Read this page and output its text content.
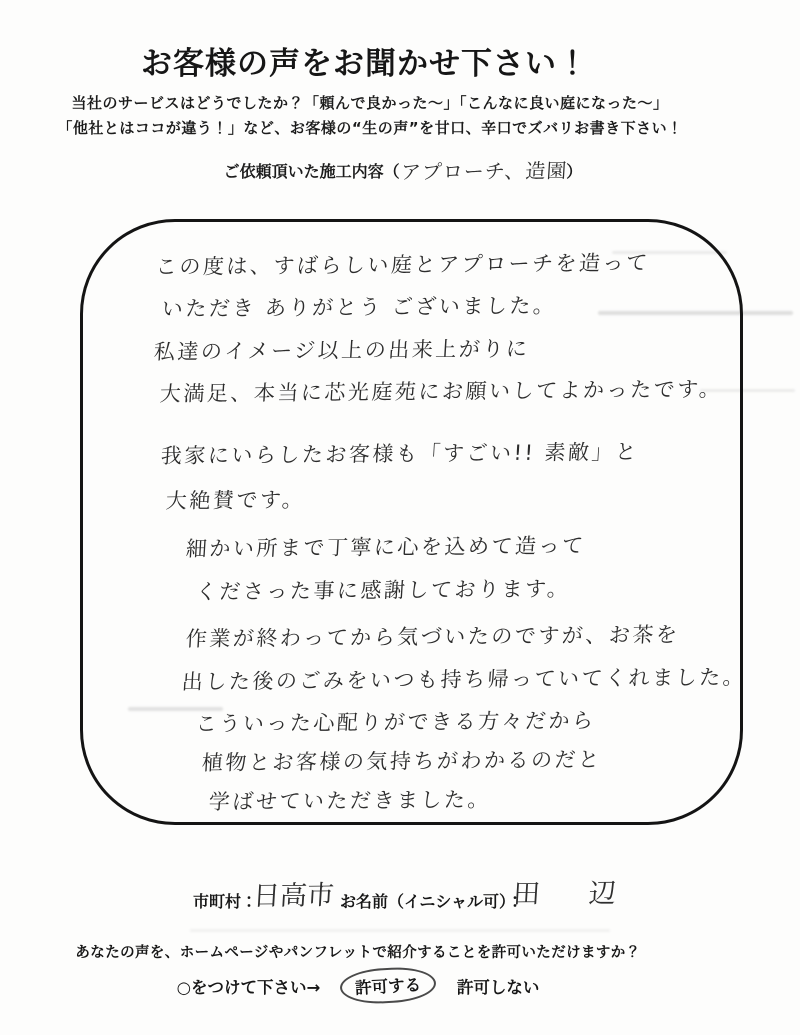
お客様の声をお聞かせ下さい！
当社のサービスはどうでしたか？「頼んで良かった～」「こんなに良い庭になった～」
「他社とはココが違う！」など、お客様の“生の声”を甘口、辛口でズバリお書き下さい！
ご依頼頂いた施工内容（アプローチ、造園）
この度は、すばらしい庭とアプローチを造って
いただき ありがとう ございました。
私達のイメージ以上の出来上がりに
大満足、本当に芯光庭苑にお願いしてよかったです。
我家にいらしたお客様も「すごい!! 素敵」と
大絶賛です。
細かい所まで丁寧に心を込めて造って
くださった事に感謝しております。
作業が終わってから気づいたのですが、お茶を
出した後のごみをいつも持ち帰っていてくれました。
こういった心配りができる方々だから
植物とお客様の気持ちがわかるのだと
学ばせていただきました。
市町村：
日高市 お名前（イニシャル可）：
田 辺
あなたの声を、ホームページやパンフレットで紹介することを許可いただけますか？
○をつけて下さい→ 許可する 許可しない
